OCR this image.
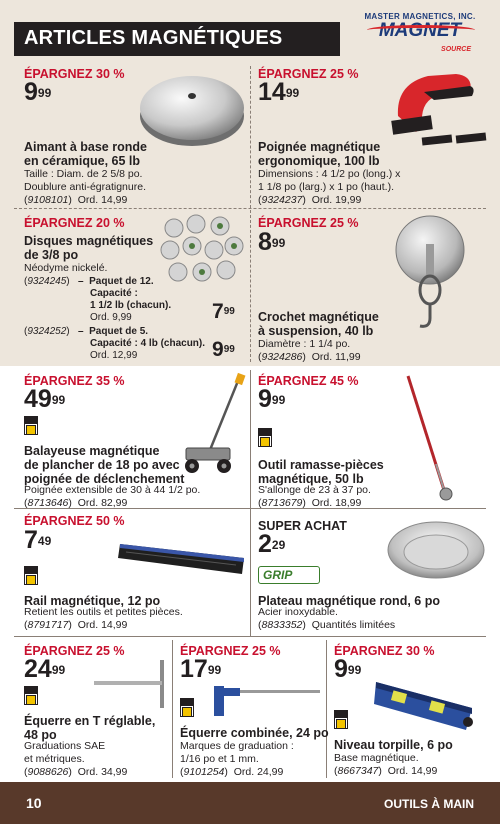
ARTICLES MAGNÉTIQUES
MASTER MAGNETICS, INC.
MAGNET
SOURCE
ÉPARGNEZ 30 %
$9^{99}$
Aimant à base ronde
en céramique, 65 lb
Taille : Diam. de 2 5/8 po.
Doublure anti-égratignure.
(9108101)  Ord. 14,99
ÉPARGNEZ 25 %
$14^{99}$
Poignée magnétique
ergonomique, 100 lb
Dimensions : 4 1/2 po (long.) x
1 1/8 po (larg.) x 1 po (haut.).
(9324237)  Ord. 19,99
ÉPARGNEZ 20 %
Disques magnétiques
de 3/8 po
Néodyme nickelé.
(9324245) –  Paquet de 12.
Capacité :
1 1/2 lb (chacun).
Ord. 9,99	$7^{99}$
(9324252) –  Paquet de 5.
Capacité : 4 lb (chacun).
Ord. 12,99	$9^{99}$
ÉPARGNEZ 25 %
$8^{99}$
Crochet magnétique
à suspension, 40 lb
Diamètre : 1 1/4 po.
(9324286)  Ord. 11,99
ÉPARGNEZ 35 %
$49^{99}$
Balayeuse magnétique
de plancher de 18 po avec
poignée de déclenchement
Poignée extensible de 30 à 44 1/2 po.
(8713646)  Ord. 82,99
ÉPARGNEZ 45 %
$9^{99}$
Outil ramasse-pièces
magnétique, 50 lb
S'allonge de 23 à 37 po.
(8713679)  Ord. 18,99
ÉPARGNEZ 50 %
$7^{49}$
Rail magnétique, 12 po
Retient les outils et petites pièces.
(8791717)  Ord. 14,99
SUPER ACHAT
$2^{29}$
GRIP
Plateau magnétique rond, 6 po
Acier inoxydable.
(8833352)  Quantités limitées
ÉPARGNEZ 25 %
$24^{99}$
Équerre en T réglable,
48 po
Graduations SAE
et métriques.
(9088626)  Ord. 34,99
ÉPARGNEZ 25 %
$17^{99}$
Équerre combinée, 24 po
Marques de graduation :
1/16 po et 1 mm.
(9101254)  Ord. 24,99
ÉPARGNEZ 30 %
$9^{99}$
Niveau torpille, 6 po
Base magnétique.
(8667347)  Ord. 14,99
10	OUTILS À MAIN
